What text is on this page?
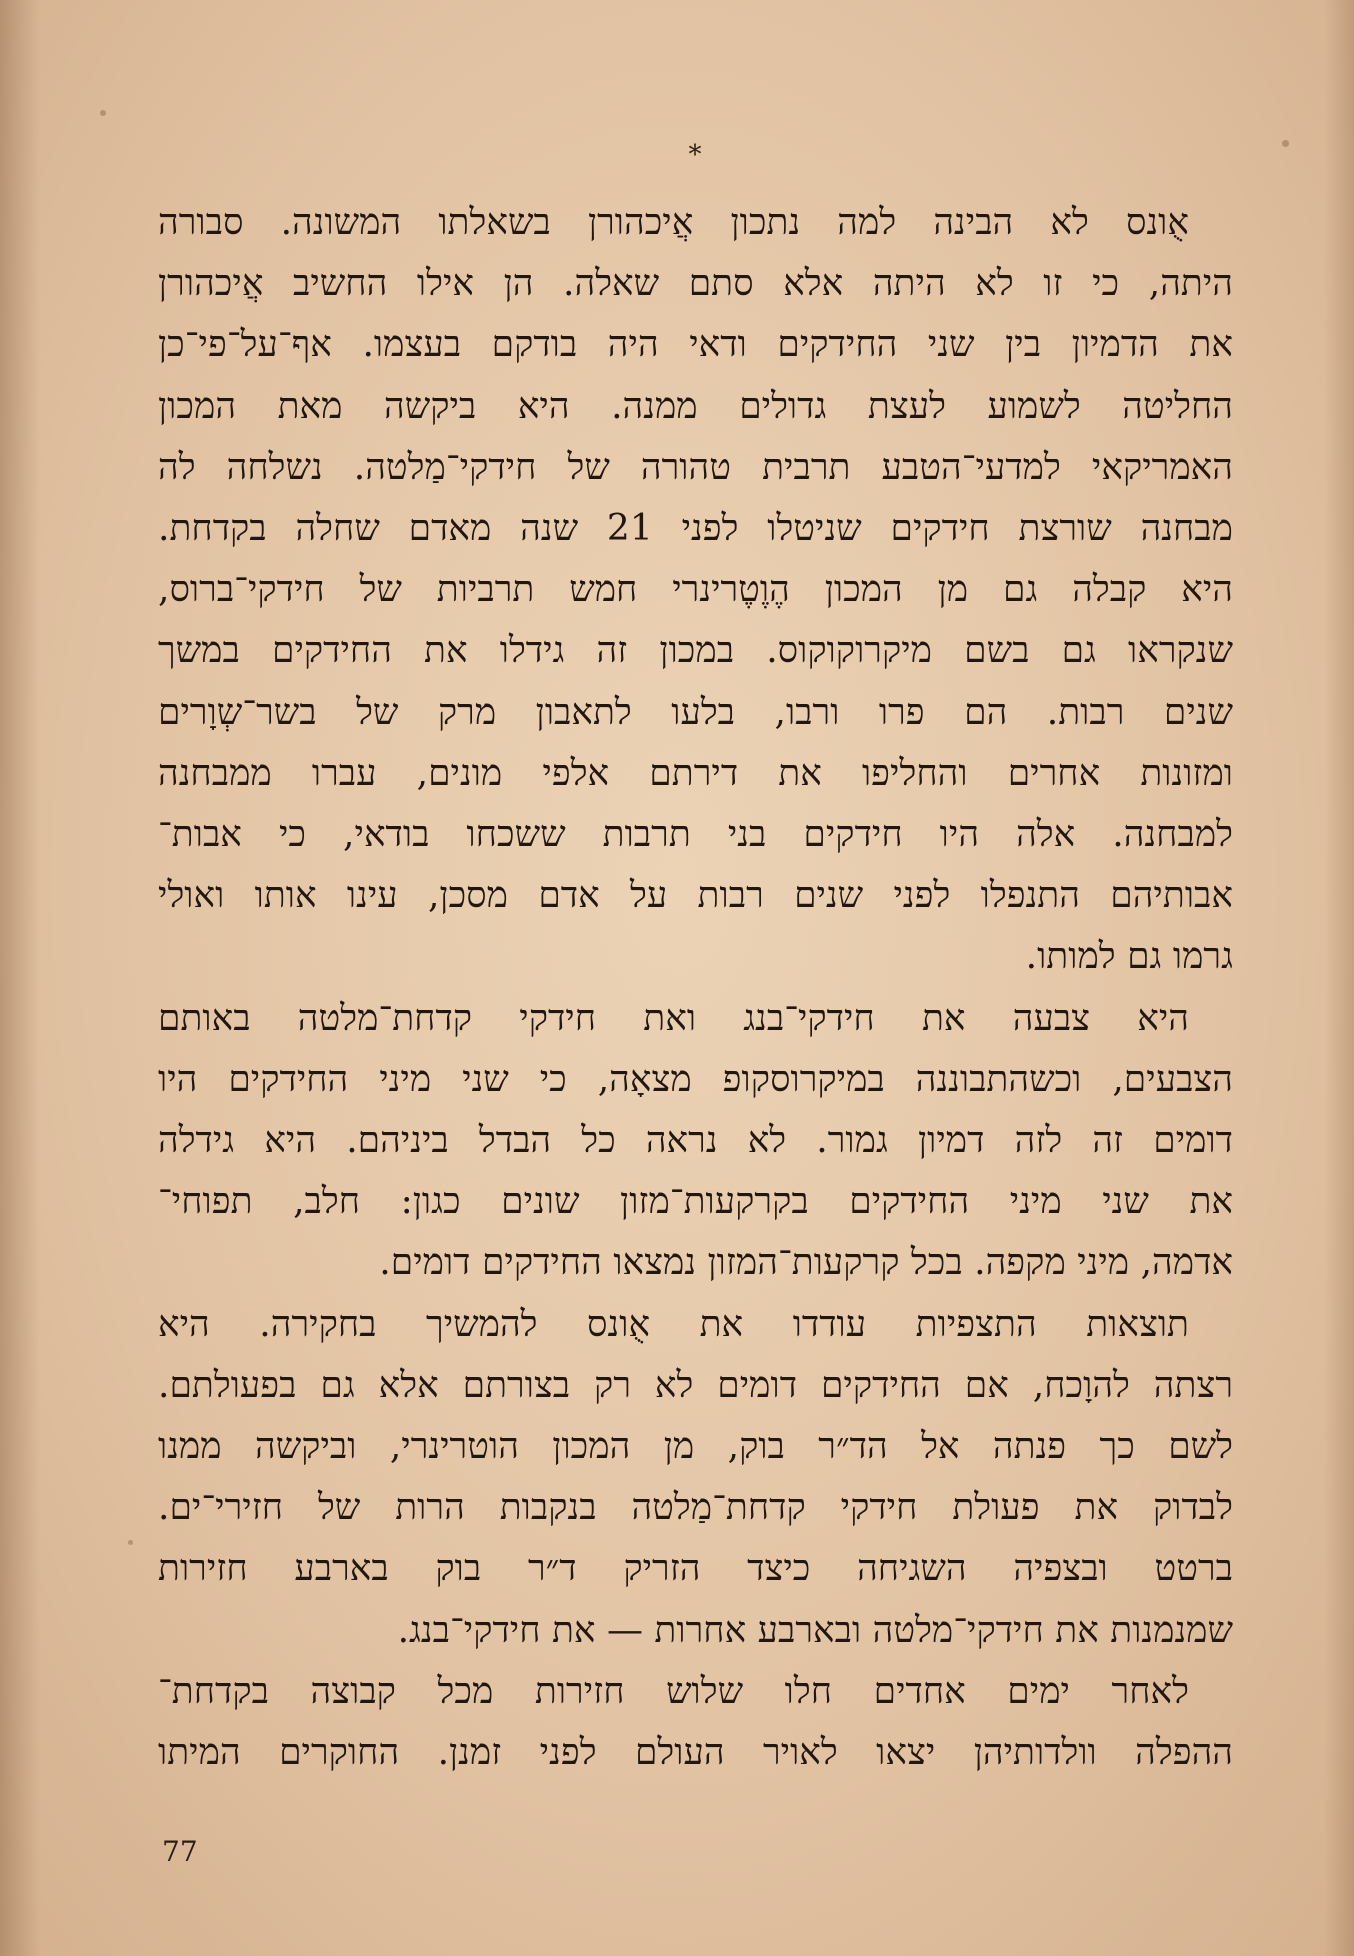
*
אֻונס לא הבינה למה נתכון אֲיכהורן בשאלתו המשונה. סבורה
היתה, כי זו לא היתה אלא סתם שאלה. הן אילו החשיב אֲיכהורן
את הדמיון בין שני החידקים ודאי היה בודקם בעצמו. אף־על־פי־כן
החליטה לשמוע לעצת גדולים ממנה. היא ביקשה מאת המכון
האמריקאי למדעי־הטבע תרבית טהורה של חידקי־מַלטה. נשלחה לה
מבחנה שורצת חידקים שניטלו לפני 21 שנה מאדם שחלה בקדחת.
היא קבלה גם מן המכון הֶוֶטֶרינרי חמש תרביות של חידקי־ברוס,
שנקראו גם בשם מיקרוקוקוס. במכון זה גידלו את החידקים במשך
שנים רבות. הם פרו ורבו, בלעו לתאבון מרק של בשר־שְוָרים
ומזונות אחרים והחליפו את דירתם אלפי מונים, עברו ממבחנה
למבחנה. אלה היו חידקים בני תרבות ששכחו בודאי, כי אבות־
אבותיהם התנפלו לפני שנים רבות על אדם מסכן, עינו אותו ואולי
גרמו גם למותו.
היא צבעה את חידקי־בנג ואת חידקי קדחת־מלטה באותם
הצבעים, וכשהתבוננה במיקרוסקופ מצאָה, כי שני מיני החידקים היו
דומים זה לזה דמיון גמור. לא נראה כל הבדל ביניהם. היא גידלה
את שני מיני החידקים בקרקעות־מזון שונים כגון: חלב, תפוחי־
אדמה, מיני מקפה. בכל קרקעות־המזון נמצאו החידקים דומים.
תוצאות התצפיות עודדו את אֻונס להמשיך בחקירה. היא
רצתה להוָכח, אם החידקים דומים לא רק בצורתם אלא גם בפעולתם.
לשם כך פנתה אל הד״ר בוק, מן המכון הוטרינרי, וביקשה ממנו
לבדוק את פעולת חידקי קדחת־מַלטה בנקבות הרות של חזירי־ים.
ברטט ובצפיה השגיחה כיצד הזריק ד״ר בוק בארבע חזירות
שמנמנות את חידקי־מלטה ובארבע אחרות — את חידקי־בנג.
לאחר ימים אחדים חלו שלוש חזירות מכל קבוצה בקדחת־
ההפלה וולדותיהן יצאו לאויר העולם לפני זמנן. החוקרים המיתו
77
